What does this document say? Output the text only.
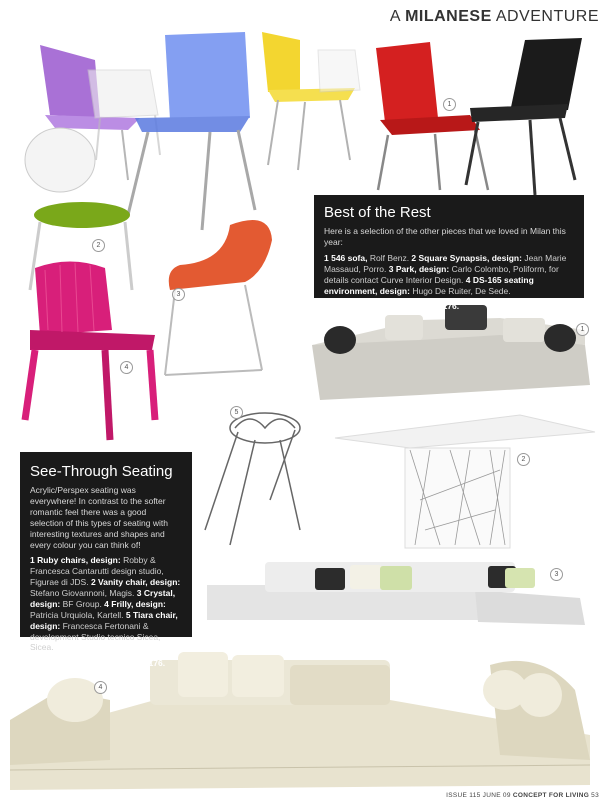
A MILANESE ADVENTURE
1
2
3
4
5
1
2
3
4
Best of the Rest
Here is a selection of the other pieces that we loved in Milan this year:
1 546 sofa, Rolf Benz. 2 Square Synapsis, design: Jean Marie Massaud, Porro. 3 Park, design: Carlo Colombo, Poliform, for details contact Curve Interior Design. 4 DS-165 seating environment, design: Hugo De Ruiter, De Sede.
For stockist details see page 176.
See-Through Seating
Acrylic/Perspex seating was everywhere! In contrast to the softer romantic feel there was a good selection of this types of seating with interesting textures and shapes and every colour you can think of!
1 Ruby chairs, design: Robby & Francesca Cantarutti design studio, Figurae di JDS. 2 Vanity chair, design: Stefano Giovannoni, Magis. 3 Crystal, design: BF Group. 4 Frilly, design: Patricia Urquiola, Kartell. 5 Tiara chair, design: Francesca Fertonani & development Studio tecnico Sicea, Sicea.
For stockist details see page 176.
ISSUE 115 JUNE 09 CONCEPT FOR LIVING 53
